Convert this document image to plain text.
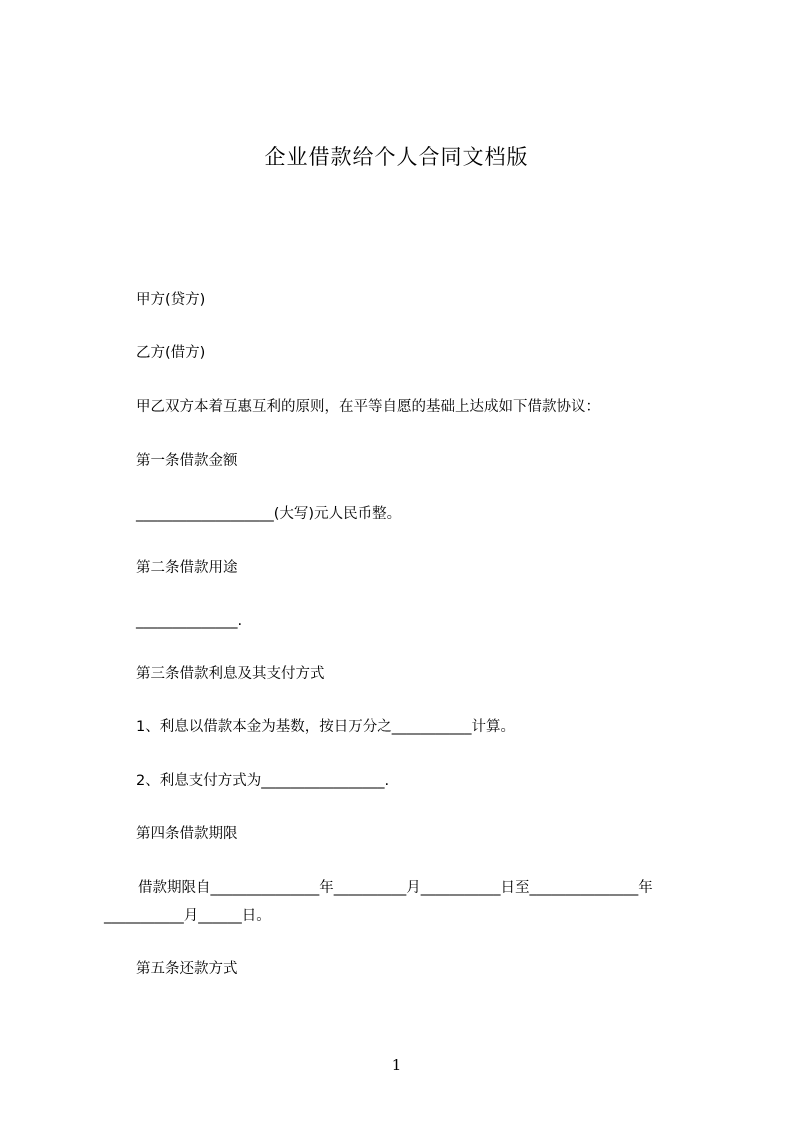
企业借款给个人合同文档版
甲方(贷方)
乙方(借方)
甲乙双方本着互惠互利的原则，在平等自愿的基础上达成如下借款协议：
第一条借款金额
___________________(大写)元人民币整。
第二条借款用途
______________.
第三条借款利息及其支付方式
1、利息以借款本金为基数，按日万分之___________计算。
2、利息支付方式为_________________.
第四条借款期限
借款期限自_______________年__________月___________日至_______________年___________月______日。
第五条还款方式
1
